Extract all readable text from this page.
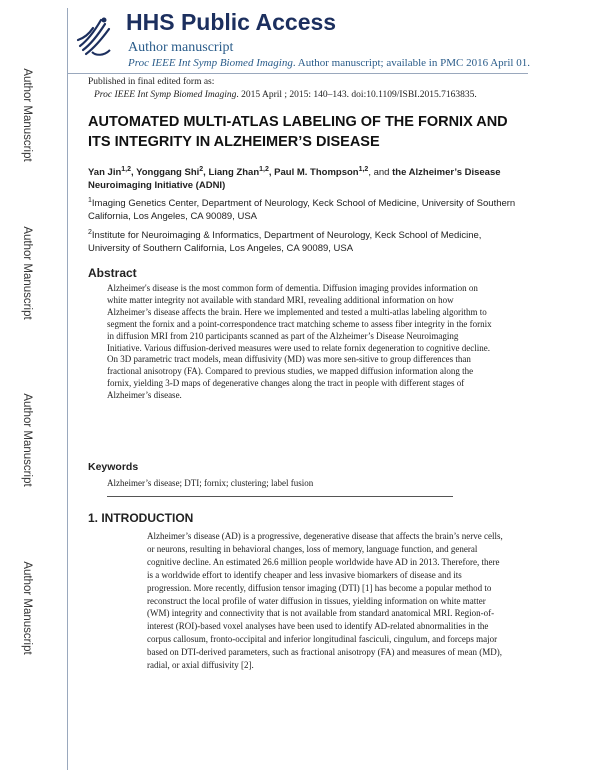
Author Manuscript
Author Manuscript
Author Manuscript
Author Manuscript
HHS Public Access
Author manuscript
Proc IEEE Int Symp Biomed Imaging. Author manuscript; available in PMC 2016 April 01.
Published in final edited form as:
Proc IEEE Int Symp Biomed Imaging. 2015 April ; 2015: 140–143. doi:10.1109/ISBI.2015.7163835.
AUTOMATED MULTI-ATLAS LABELING OF THE FORNIX AND ITS INTEGRITY IN ALZHEIMER’S DISEASE
Yan Jin$^{1,2}$, Yonggang Shi$^2$, Liang Zhan$^{1,2}$, Paul M. Thompson$^{1,2}$, and the Alzheimer’s Disease Neuroimaging Initiative (ADNI)
$^1$Imaging Genetics Center, Department of Neurology, Keck School of Medicine, University of Southern California, Los Angeles, CA 90089, USA
$^2$Institute for Neuroimaging & Informatics, Department of Neurology, Keck School of Medicine, University of Southern California, Los Angeles, CA 90089, USA
Abstract

Alzheimer's disease is the most common form of dementia. Diffusion imaging provides information on white matter integrity not available with standard MRI, revealing additional information on how Alzheimer’s disease affects the brain. Here we implemented and tested a multi-atlas labeling algorithm to segment the fornix and a point-correspondence tract matching scheme to assess fiber integrity in the fornix in diffusion MRI from 210 participants scanned as part of the Alzheimer’s Disease Neuroimaging Initiative. Various diffusion-derived measures were used to relate fornix degeneration to cognitive decline. On 3D parametric tract models, mean diffusivity (MD) was more sen-sitive to group differences than fractional anisotropy (FA). Compared to previous studies, we mapped diffusion information along the fornix, yielding 3-D maps of degenerative changes along the tract in people with different stages of Alzheimer’s disease.

Keywords
Alzheimer’s disease; DTI; fornix; clustering; label fusion
1. INTRODUCTION

Alzheimer’s disease (AD) is a progressive, degenerative disease that affects the brain’s nerve cells, or neurons, resulting in behavioral changes, loss of memory, language function, and general cognitive decline. An estimated 26.6 million people worldwide have AD in 2013. Therefore, there is a worldwide effort to identify cheaper and less invasive biomarkers of disease and its progression. More recently, diffusion tensor imaging (DTI) [1] has become a popular method to reconstruct the local profile of water diffusion in tissues, yielding information on white matter (WM) integrity and connectivity that is not available from standard anatomical MRI. Region-of-interest (ROI)-based voxel analyses have been used to identify AD-related abnormalities in the corpus callosum, fronto-occipital and inferior longitudinal fasciculi, cingulum, and forceps major based on DTI-derived parameters, such as fractional anisotropy (FA) and measures of mean (MD), radial, or axial diffusivity [2].
